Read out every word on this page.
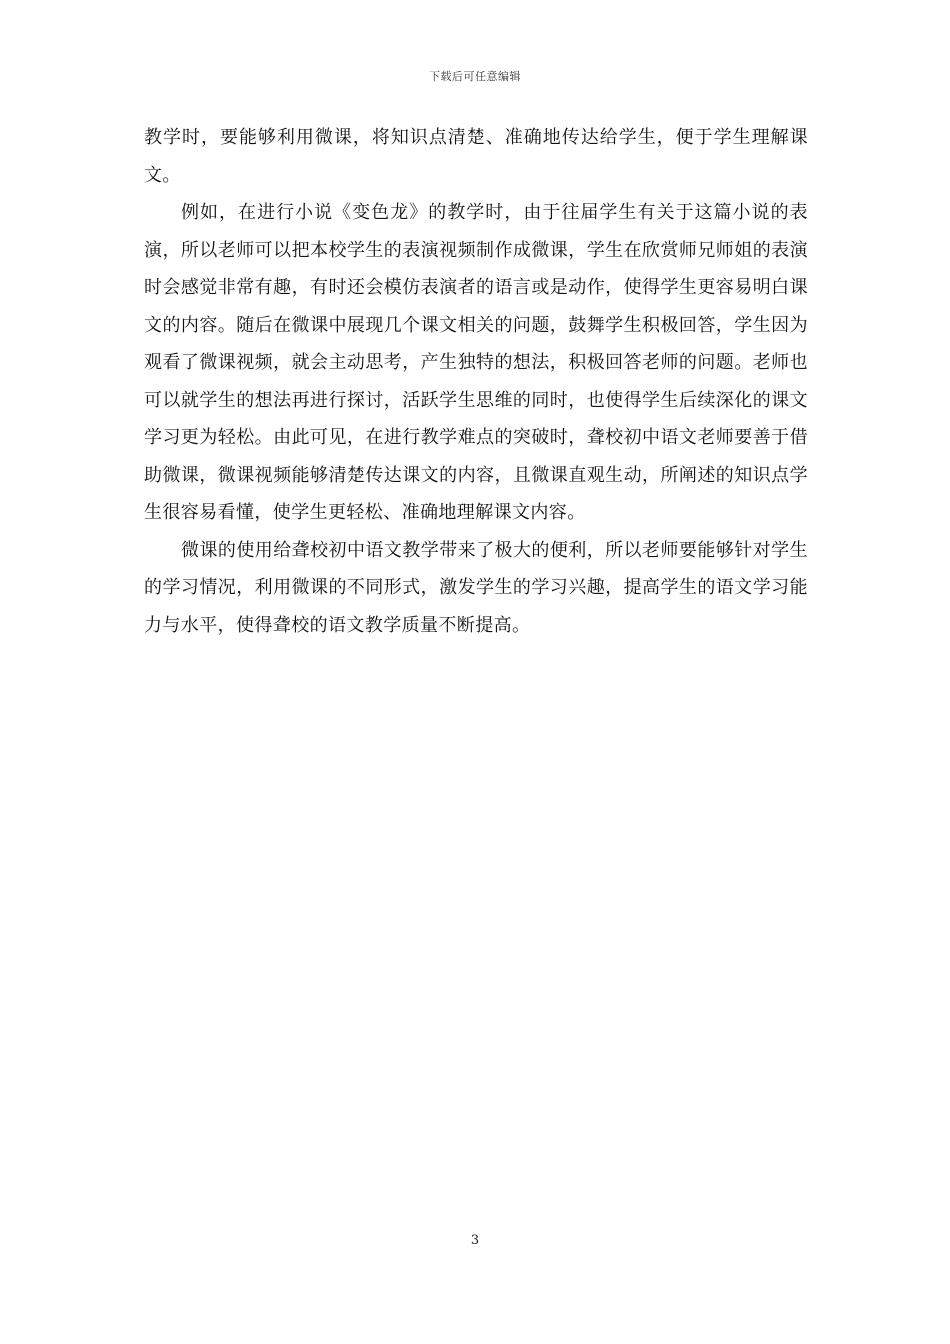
下载后可任意编辑

教学时，要能够利用微课，将知识点清楚、准确地传达给学生，便于学生理解课文。

例如，在进行小说《变色龙》的教学时，由于往届学生有关于这篇小说的表演，所以老师可以把本校学生的表演视频制作成微课，学生在欣赏师兄师姐的表演时会感觉非常有趣，有时还会模仿表演者的语言或是动作，使得学生更容易明白课文的内容。随后在微课中展现几个课文相关的问题，鼓舞学生积极回答，学生因为观看了微课视频，就会主动思考，产生独特的想法，积极回答老师的问题。老师也可以就学生的想法再进行探讨，活跃学生思维的同时，也使得学生后续深化的课文学习更为轻松。由此可见，在进行教学难点的突破时，聋校初中语文老师要善于借助微课，微课视频能够清楚传达课文的内容，且微课直观生动，所阐述的知识点学生很容易看懂，使学生更轻松、准确地理解课文内容。

微课的使用给聋校初中语文教学带来了极大的便利，所以老师要能够针对学生的学习情况，利用微课的不同形式，激发学生的学习兴趣，提高学生的语文学习能力与水平，使得聋校的语文教学质量不断提高。

3
